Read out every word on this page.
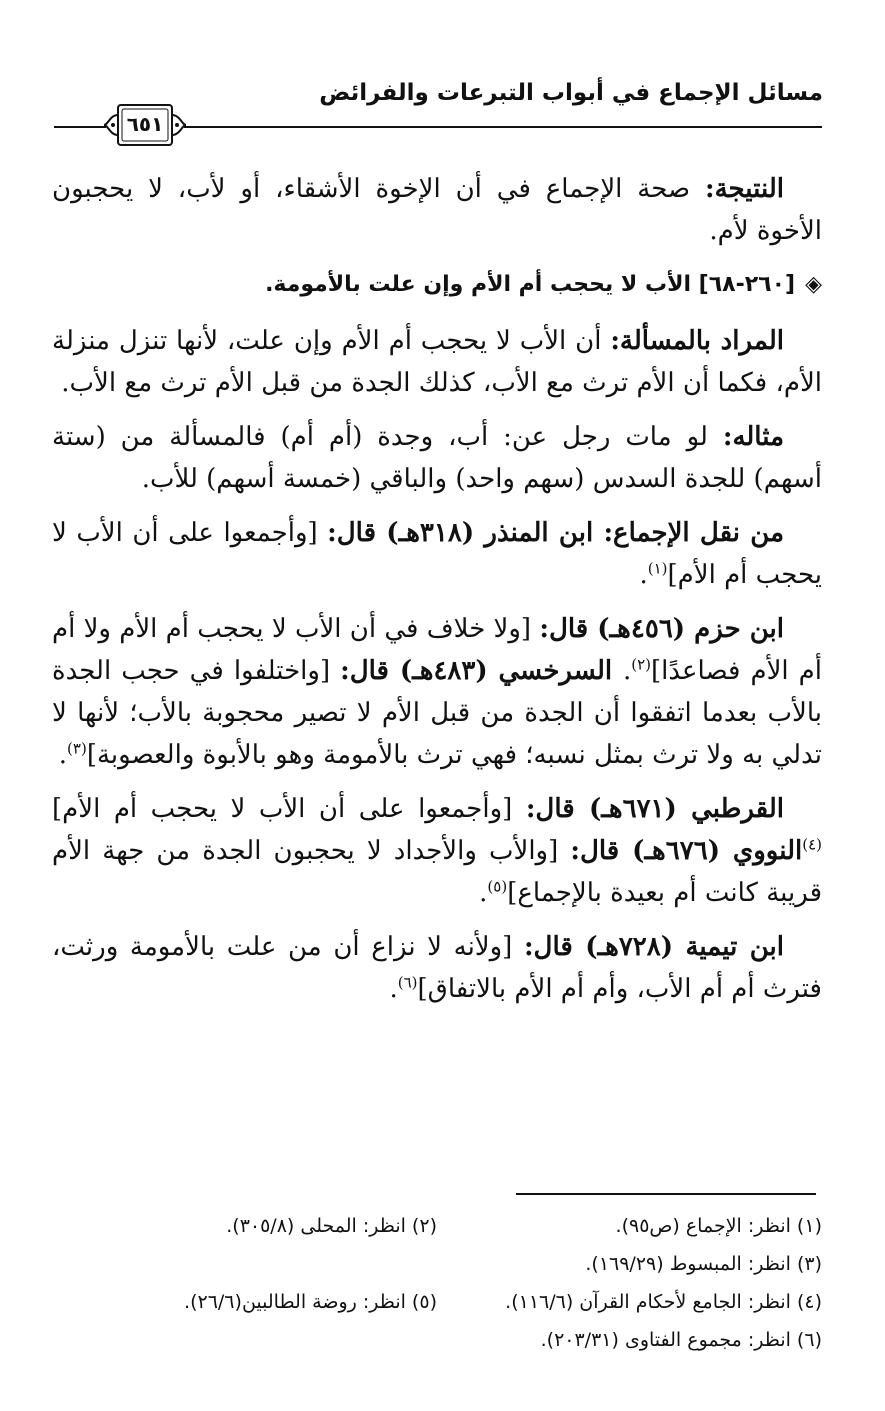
مسائل الإجماع في أبواب التبرعات والفرائض
٦٥١

النتيجة: صحة الإجماع في أن الإخوة الأشقاء، أو لأب، لا يحجبون الأخوة لأم.

◈[٢٦٠-٦٨] الأب لا يحجب أم الأم وإن علت بالأمومة.

المراد بالمسألة: أن الأب لا يحجب أم الأم وإن علت، لأنها تنزل منزلة الأم، فكما أن الأم ترث مع الأب، كذلك الجدة من قبل الأم ترث مع الأب.

مثاله: لو مات رجل عن: أب، وجدة (أم أم) فالمسألة من (ستة أسهم) للجدة السدس (سهم واحد) والباقي (خمسة أسهم) للأب.

من نقل الإجماع: ابن المنذر (٣١٨هـ) قال: [وأجمعوا على أن الأب لا يحجب أم الأم]$^{(١)}$.

ابن حزم (٤٥٦هـ) قال: [ولا خلاف في أن الأب لا يحجب أم الأم ولا أم أم الأم فصاعدًا]$^{(٢)}$. السرخسي (٤٨٣هـ) قال: [واختلفوا في حجب الجدة بالأب بعدما اتفقوا أن الجدة من قبل الأم لا تصير محجوبة بالأب؛ لأنها لا تدلي به ولا ترث بمثل نسبه؛ فهي ترث بالأمومة وهو بالأبوة والعصوبة]$^{(٣)}$.

القرطبي (٦٧١هـ) قال: [وأجمعوا على أن الأب لا يحجب أم الأم]$^{(٤)}$النووي (٦٧٦هـ) قال: [والأب والأجداد لا يحجبون الجدة من جهة الأم قريبة كانت أم بعيدة بالإجماع]$^{(٥)}$.

ابن تيمية (٧٢٨هـ) قال: [ولأنه لا نزاع أن من علت بالأمومة ورثت، فترث أم أم الأب، وأم أم الأم بالاتفاق]$^{(٦)}$.

(١) انظر: الإجماع (ص٩٥).
(٢) انظر: المحلى (٣٠٥/٨).
(٣) انظر: المبسوط (١٦٩/٢٩).
(٤) انظر: الجامع لأحكام القرآن (١١٦/٦).
(٥) انظر: روضة الطالبين(٢٦/٦).
(٦) انظر: مجموع الفتاوى (٢٠٣/٣١).
